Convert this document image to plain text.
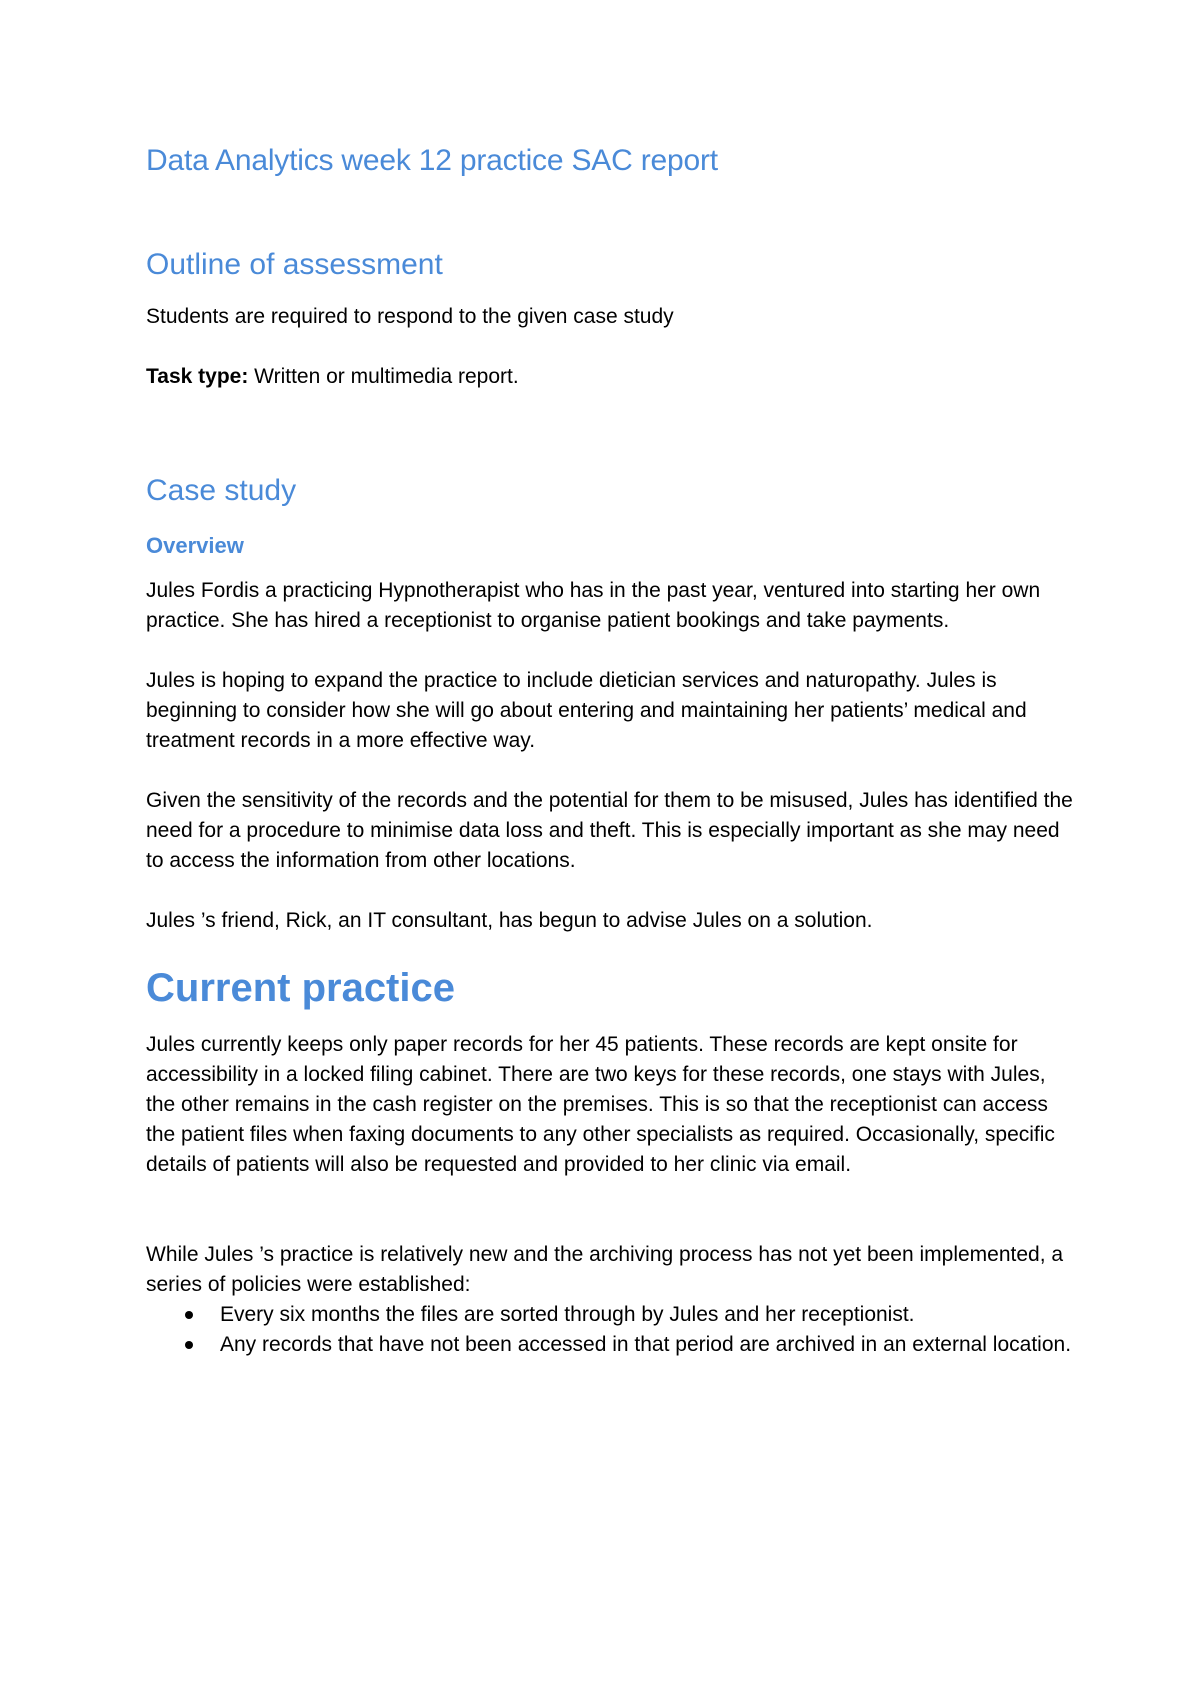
Data Analytics week 12 practice SAC report
Outline of assessment

Students are required to respond to the given case study

Task type: Written or multimedia report.

Case study
Overview

Jules Fordis a practicing Hypnotherapist who has in the past year, ventured into starting her own practice. She has hired a receptionist to organise patient bookings and take payments.

Jules is hoping to expand the practice to include dietician services and naturopathy. Jules is beginning to consider how she will go about entering and maintaining her patients’ medical and treatment records in a more effective way.

Given the sensitivity of the records and the potential for them to be misused, Jules has identified the need for a procedure to minimise data loss and theft. This is especially important as she may need to access the information from other locations.

Jules ’s friend, Rick, an IT consultant, has begun to advise Jules on a solution.

Current practice

Jules currently keeps only paper records for her 45 patients. These records are kept onsite for accessibility in a locked filing cabinet. There are two keys for these records, one stays with Jules, the other remains in the cash register on the premises. This is so that the receptionist can access the patient files when faxing documents to any other specialists as required. Occasionally, specific details of patients will also be requested and provided to her clinic via email.

While Jules ’s practice is relatively new and the archiving process has not yet been implemented, a series of policies were established:

Every six months the files are sorted through by Jules and her receptionist.
Any records that have not been accessed in that period are archived in an external location.
